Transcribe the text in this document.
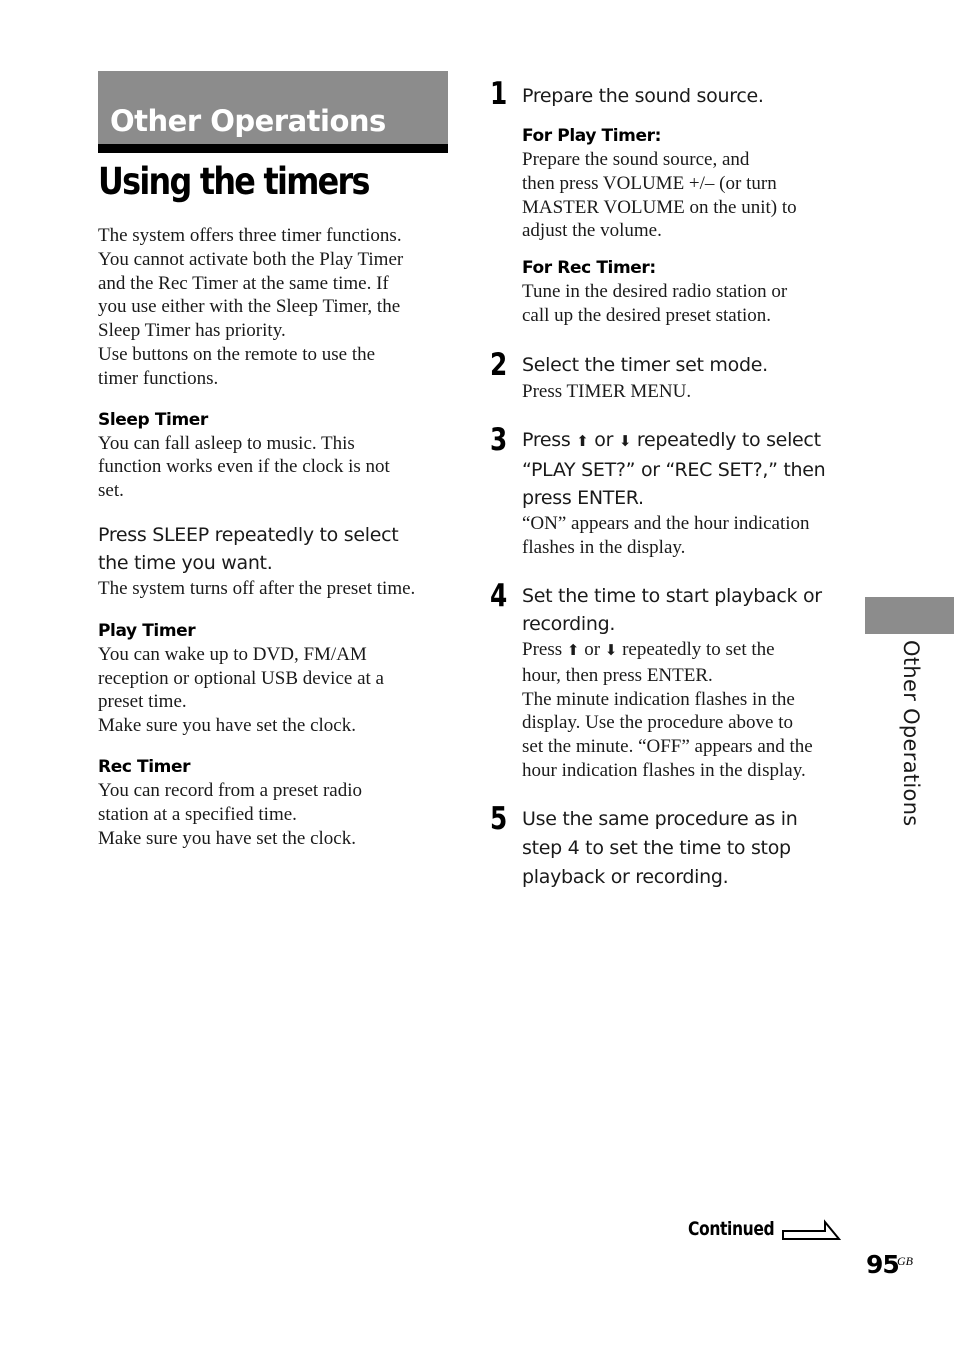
Other Operations
Using the timers

The system offers three timer functions.

You cannot activate both the Play Timer

and the Rec Timer at the same time. If

you use either with the Sleep Timer, the

Sleep Timer has priority.

Use buttons on the remote to use the

timer functions.

Sleep Timer

You can fall asleep to music. This

function works even if the clock is not

set.

Press SLEEP repeatedly to select

the time you want.

The system turns off after the preset time.

Play Timer

You can wake up to DVD, FM/AM

reception or optional USB device at a

preset time.

Make sure you have set the clock.

Rec Timer

You can record from a preset radio

station at a specified time.

Make sure you have set the clock.

1 Prepare the sound source.

For Play Timer:

Prepare the sound source, and

then press VOLUME +/– (or turn

MASTER VOLUME on the unit) to

adjust the volume.

For Rec Timer:

Tune in the desired radio station or

call up the desired preset station.

2 Select the timer set mode.

Press TIMER MENU.

3 Press ⬆ or ⬇ repeatedly to select

“PLAY SET?” or “REC SET?,” then

press ENTER.

“ON” appears and the hour indication

flashes in the display.

4 Set the time to start playback or

recording.

Press ⬆ or ⬇ repeatedly to set the

hour, then press ENTER.

The minute indication flashes in the

display. Use the procedure above to

set the minute. “OFF” appears and the

hour indication flashes in the display.

5 Use the same procedure as in

step 4 to set the time to stop

playback or recording.

Other Operations
Continued
95
GB
